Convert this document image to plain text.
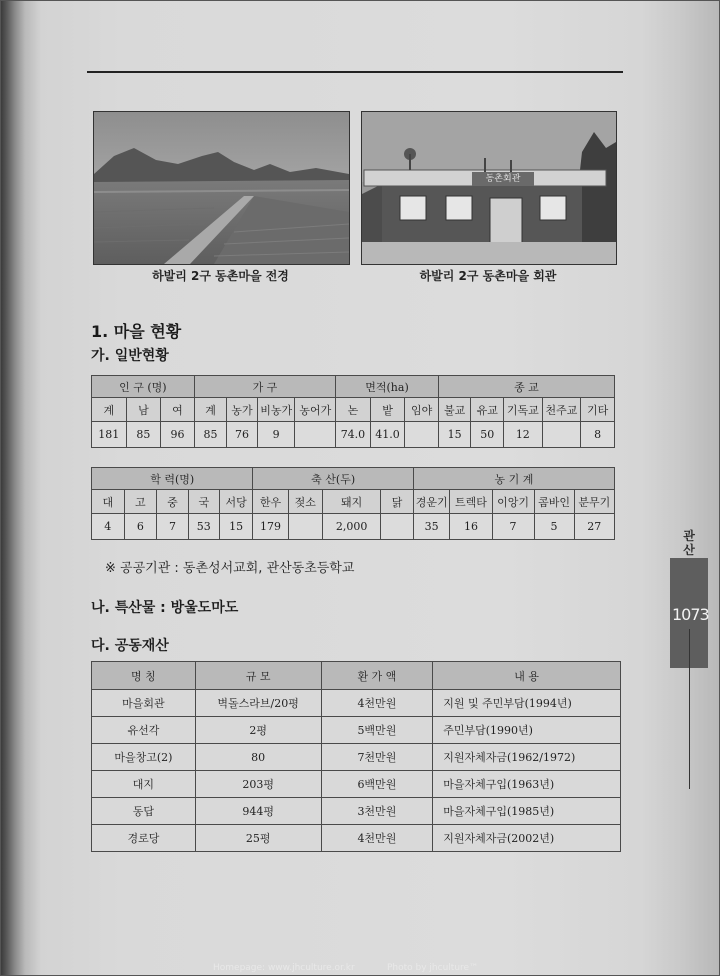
하발리 2구 동촌마을 전경
동촌회관
하발리 2구 동촌마을 회관
1. 마을 현황
가. 일반현황
인 구 (명)			가 구				면적(ha)			종 교				
계	남	여	계	농가	비농가	농어가	논	밭	임야	불교	유교	기독교	천주교	기타
181	85	96	85	76	9		74.0	41.0		15	50	12		8
학 력(명)					축 산(두)				농 기 계				
대	고	중	국	서당	한우	젖소	돼지	닭	경운기	트렉타	이앙기	콤바인	분무기
4	6	7	53	15	179		2,000		35	16	7	5	27
※ 공공기관 : 동촌성서교회, 관산동초등학교
나. 특산물 : 방울도마도
다. 공동재산
명 칭	규 모	환 가 액	내 용
마을회관	벽돌스라브/20평	4천만원	지원 및 주민부담(1994년)
유선각	2평	5백만원	주민부담(1990년)
마을창고(2)	80	7천만원	지원자체자금(1962/1972)
대지	203평	6백만원	마을자체구입(1963년)
동답	944평	3천만원	마을자체구입(1985년)
경로당	25평	4천만원	지원자체자금(2002년)
관
산
1073
Homepage: www.jhculture.or.kr	Photo by jhculture™
